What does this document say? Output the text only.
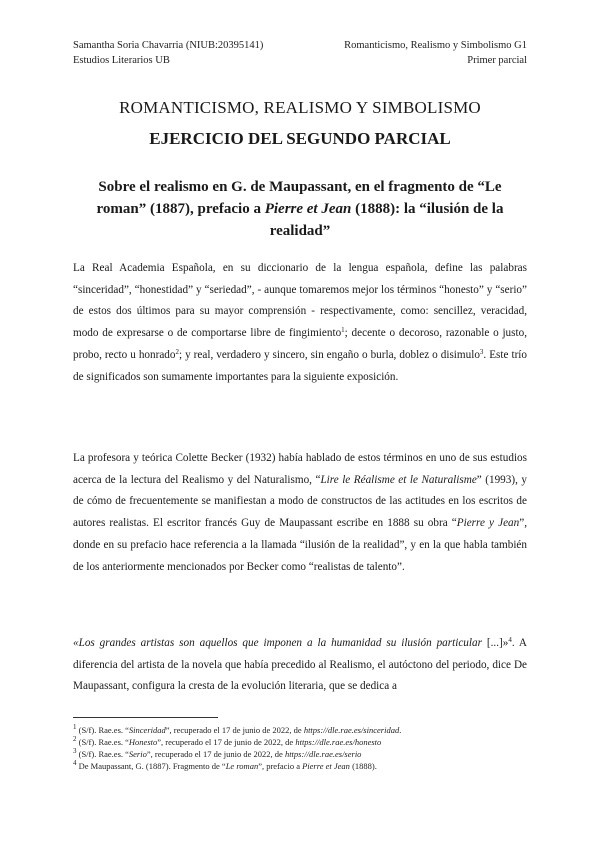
Samantha Soria Chavarria (NIUB:20395141)
Estudios Literarios UB
Romanticismo, Realismo y Simbolismo G1
Primer parcial
ROMANTICISMO, REALISMO Y SIMBOLISMO
EJERCICIO DEL SEGUNDO PARCIAL
Sobre el realismo en G. de Maupassant, en el fragmento de “Le roman” (1887), prefacio a Pierre et Jean (1888): la “ilusión de la realidad”
La Real Academia Española, en su diccionario de la lengua española, define las palabras “sinceridad”, “honestidad” y “seriedad”, - aunque tomaremos mejor los términos “honesto” y “serio” de estos dos últimos para su mayor comprensión - respectivamente, como: sencillez, veracidad, modo de expresarse o de comportarse libre de fingimiento$^1$; decente o decoroso, razonable o justo, probo, recto u honrado$^2$; y real, verdadero y sincero, sin engaño o burla, doblez o disimulo$^3$. Este trío de significados son sumamente importantes para la siguiente exposición.
La profesora y teórica Colette Becker (1932) había hablado de estos términos en uno de sus estudios acerca de la lectura del Realismo y del Naturalismo, “Lire le Réalisme et le Naturalisme” (1993), y de cómo de frecuentemente se manifiestan a modo de constructos de las actitudes en los escritos de autores realistas. El escritor francés Guy de Maupassant escribe en 1888 su obra “Pierre y Jean”, donde en su prefacio hace referencia a la llamada “ilusión de la realidad”, y en la que habla también de los anteriormente mencionados por Becker como “realistas de talento”.
«Los grandes artistas son aquellos que imponen a la humanidad su ilusión particular [...]»$^4$. A diferencia del artista de la novela que había precedido al Realismo, el autóctono del periodo, dice De Maupassant, configura la cresta de la evolución literaria, que se dedica a
$^1$ (S/f). Rae.es. “Sinceridad”, recuperado el 17 de junio de 2022, de https://dle.rae.es/sinceridad.
$^2$ (S/f). Rae.es. “Honesto”, recuperado el 17 de junio de 2022, de https://dle.rae.es/honesto
$^3$ (S/f). Rae.es. “Serio”, recuperado el 17 de junio de 2022, de https://dle.rae.es/serio
$^4$ De Maupassant, G. (1887). Fragmento de “Le roman”, prefacio a Pierre et Jean (1888).
